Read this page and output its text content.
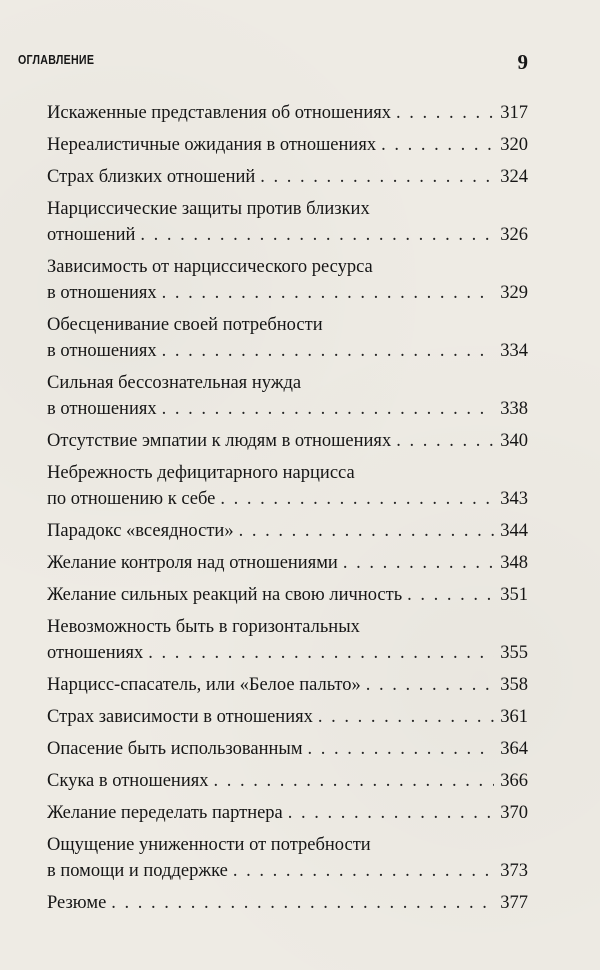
ОГЛАВЛЕНИЕ	9
Искаженные представления об отношениях . . .	317
Нереалистичные ожидания в отношениях . . .	320
Страх близких отношений . . .	324
Нарциссические защиты против близких
отношений . . .	326
Зависимость от нарциссического ресурса
в отношениях . . .	329
Обесценивание своей потребности
в отношениях . . .	334
Сильная бессознательная нужда
в отношениях . . .	338
Отсутствие эмпатии к людям в отношениях . . .	340
Небрежность дефицитарного нарцисса
по отношению к себе . . .	343
Парадокс «всеядности» . . .	344
Желание контроля над отношениями . . .	348
Желание сильных реакций на свою личность . . .	351
Невозможность быть в горизонтальных
отношениях . . .	355
Нарцисс-спасатель, или «Белое пальто» . . .	358
Страх зависимости в отношениях . . .	361
Опасение быть использованным . . .	364
Скука в отношениях . . .	366
Желание переделать партнера . . .	370
Ощущение униженности от потребности
в помощи и поддержке . . .	373
Резюме . . .	377
